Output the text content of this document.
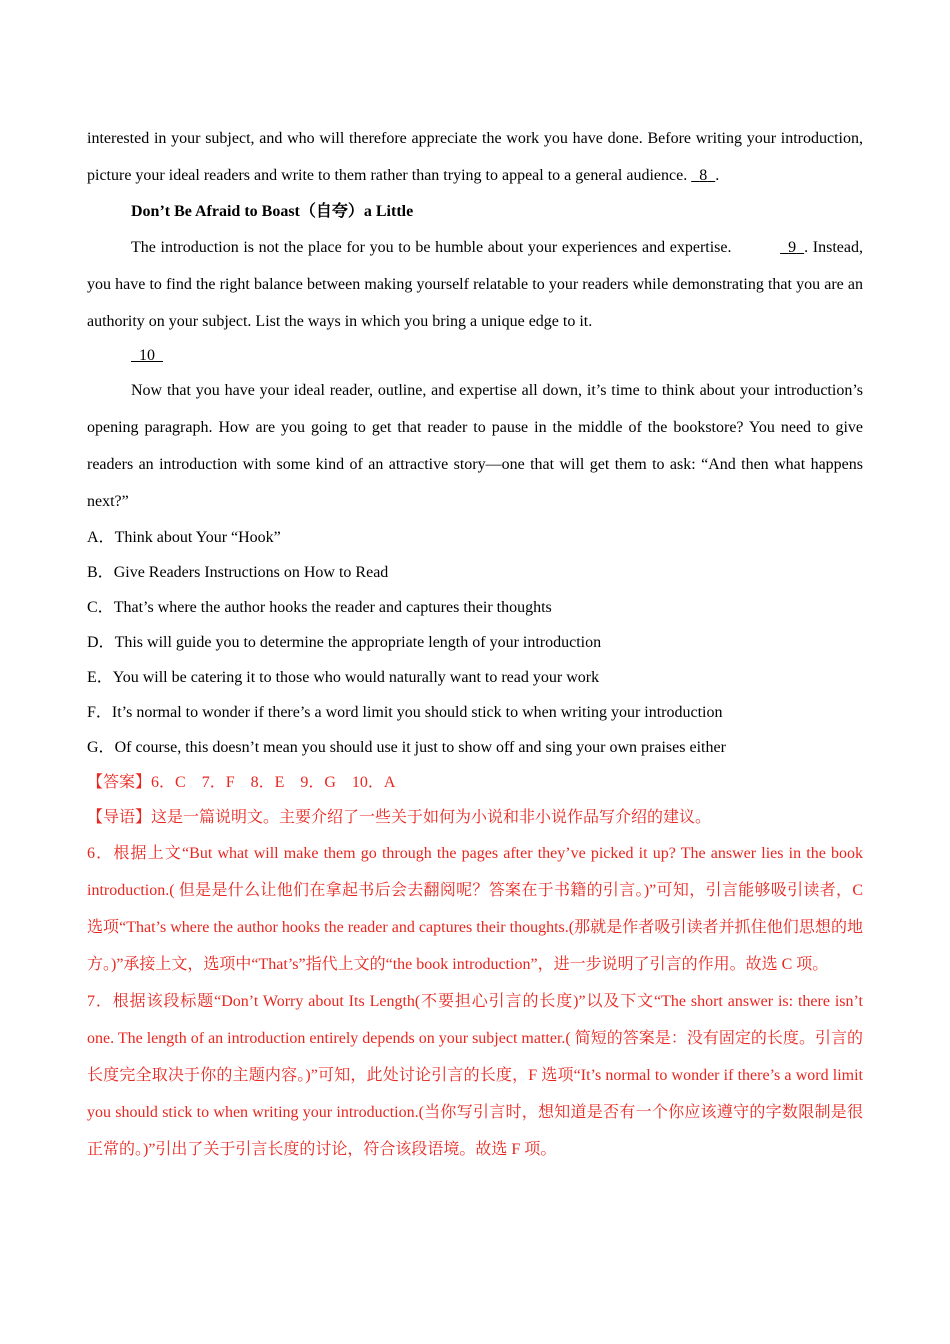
interested in your subject, and who will therefore appreciate the work you have done. Before writing your introduction, picture your ideal readers and write to them rather than trying to appeal to a general audience.   8 .

Don’t Be Afraid to Boast（自夸）a Little

The introduction is not the place for you to be humble about your experiences and expertise.	9 . Instead, you have to find the right balance between making yourself relatable to your readers while demonstrating that you are an authority on your subject. List the ways in which you bring a unique edge to it.

10

Now that you have your ideal reader, outline, and expertise all down, it’s time to think about your introduction’s opening paragraph. How are you going to get that reader to pause in the middle of the bookstore? You need to give readers an introduction with some kind of an attractive story—one that will get them to ask: “And then what happens next?”

A．Think about Your “Hook”

B．Give Readers Instructions on How to Read

C．That’s where the author hooks the reader and captures their thoughts

D．This will guide you to determine the appropriate length of your introduction

E．You will be catering it to those who would naturally want to read your work

F．It’s normal to wonder if there’s a word limit you should stick to when writing your introduction

G．Of course, this doesn’t mean you should use it just to show off and sing your own praises either

【答案】6．C　7．F　8．E　9．G　10．A

【导语】这是一篇说明文。主要介绍了一些关于如何为小说和非小说作品写介绍的建议。

6．根据上文“But what will make them go through the pages after they’ve picked it up? The answer lies in the book introduction.( 但是是什么让他们在拿起书后会去翻阅呢？答案在于书籍的引言。)”可知，引言能够吸引读者，C 选项“That’s where the author hooks the reader and captures their thoughts.(那就是作者吸引读者并抓住他们思想的地方。)”承接上文，选项中“That’s”指代上文的“the book introduction”，进一步说明了引言的作用。故选 C 项。

7．根据该段标题“Don’t Worry about Its Length(不要担心引言的长度)”以及下文“The short answer is: there isn’t one. The length of an introduction entirely depends on your subject matter.( 简短的答案是：没有固定的长度。引言的长度完全取决于你的主题内容。)”可知，此处讨论引言的长度，F 选项“It’s normal to wonder if there’s a word limit you should stick to when writing your introduction.(当你写引言时，想知道是否有一个你应该遵守的字数限制是很正常的。)”引出了关于引言长度的讨论，符合该段语境。故选 F 项。
